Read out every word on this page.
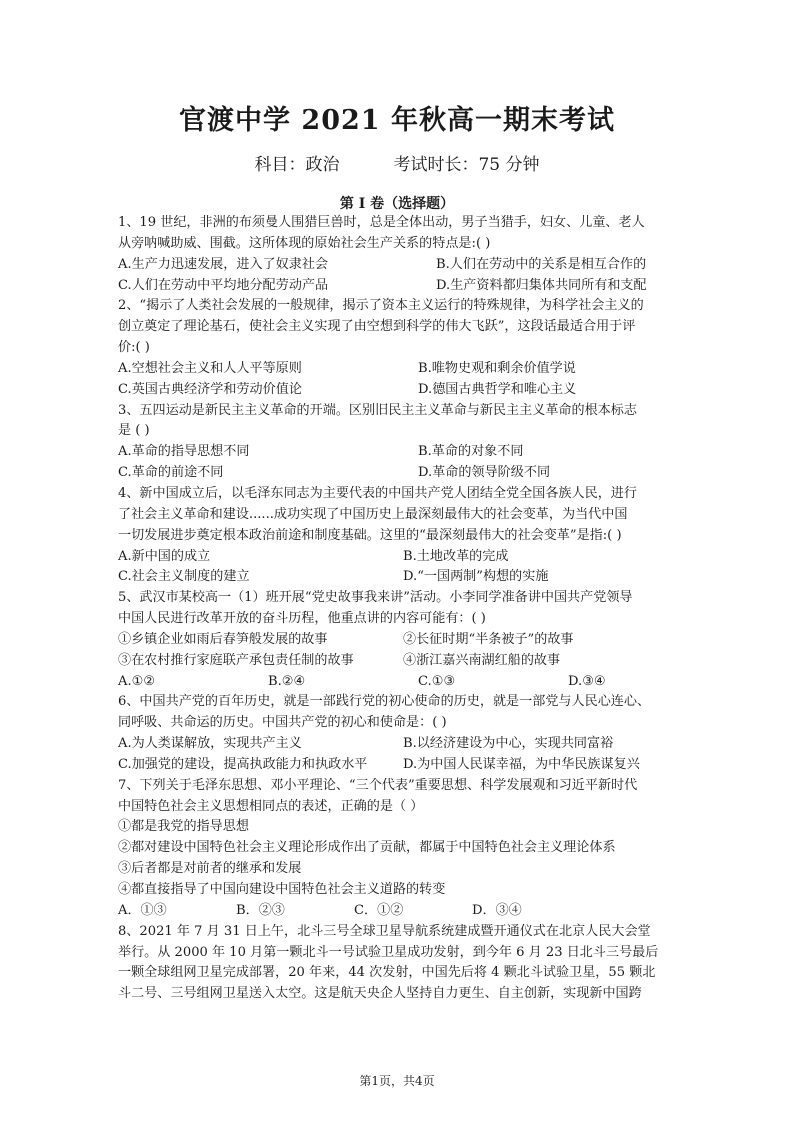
官渡中学 2021 年秋高一期末考试
科目：政治	考试时长：75 分钟
第 I 卷（选择题）
1、19 世纪，非洲的布须曼人围猎巨兽时，总是全体出动，男子当猎手，妇女、儿童、老人
从旁呐喊助威、围截。这所体现的原始社会生产关系的特点是:( )
A.生产力迅速发展，进入了奴隶社会	B.人们在劳动中的关系是相互合作的
C.人们在劳动中平均地分配劳动产品	D.生产资料都归集体共同所有和支配
2、“揭示了人类社会发展的一般规律，揭示了资本主义运行的特殊规律，为科学社会主义的
创立奠定了理论基石，使社会主义实现了由空想到科学的伟大飞跃”，这段话最适合用于评
价:( )
A.空想社会主义和人人平等原则	B.唯物史观和剩余价值学说
C.英国古典经济学和劳动价值论	D.德国古典哲学和唯心主义
3、五四运动是新民主主义革命的开端。区别旧民主主义革命与新民主主义革命的根本标志
是 ( )
A.革命的指导思想不同	B.革命的对象不同
C.革命的前途不同	D.革命的领导阶级不同
4、新中国成立后，以毛泽东同志为主要代表的中国共产党人团结全党全国各族人民，进行
了社会主义革命和建设......成功实现了中国历史上最深刻最伟大的社会变革，为当代中国
一切发展进步奠定根本政治前途和制度基础。这里的“最深刻最伟大的社会变革”是指:( )
A.新中国的成立	B.土地改革的完成
C.社会主义制度的建立	D.“一国两制”构想的实施
5、武汉市某校高一（1）班开展“党史故事我来讲”活动。小李同学准备讲中国共产党领导
中国人民进行改革开放的奋斗历程，他重点讲的内容可能有：( )
①乡镇企业如雨后春笋般发展的故事	②长征时期“半条被子”的故事
③在农村推行家庭联产承包责任制的故事	④浙江嘉兴南湖红船的故事
A.①②	B.②④	C.①③	D.③④
6、中国共产党的百年历史，就是一部践行党的初心使命的历史，就是一部党与人民心连心、
同呼吸、共命运的历史。中国共产党的初心和使命是：( )
A.为人类谋解放，实现共产主义	B.以经济建设为中心，实现共同富裕
C.加强党的建设，提高执政能力和执政水平	D.为中国人民谋幸福，为中华民族谋复兴
7、下列关于毛泽东思想、邓小平理论、“三个代表”重要思想、科学发展观和习近平新时代
中国特色社会主义思想相同点的表述，正确的是（ ）
①都是我党的指导思想
②都对建设中国特色社会主义理论形成作出了贡献，都属于中国特色社会主义理论体系
③后者都是对前者的继承和发展
④都直接指导了中国向建设中国特色社会主义道路的转变
A．①③	B．②③	C．①②	D．③④
8、2021 年 7 月 31 日上午，北斗三号全球卫星导航系统建成暨开通仪式在北京人民大会堂
举行。从 2000 年 10 月第一颗北斗一号试验卫星成功发射，到今年 6 月 23 日北斗三号最后
一颗全球组网卫星完成部署，20 年来，44 次发射，中国先后将 4 颗北斗试验卫星，55 颗北
斗二号、三号组网卫星送入太空。这是航天央企人坚持自力更生、自主创新，实现新中国跨
第1页，共4页
